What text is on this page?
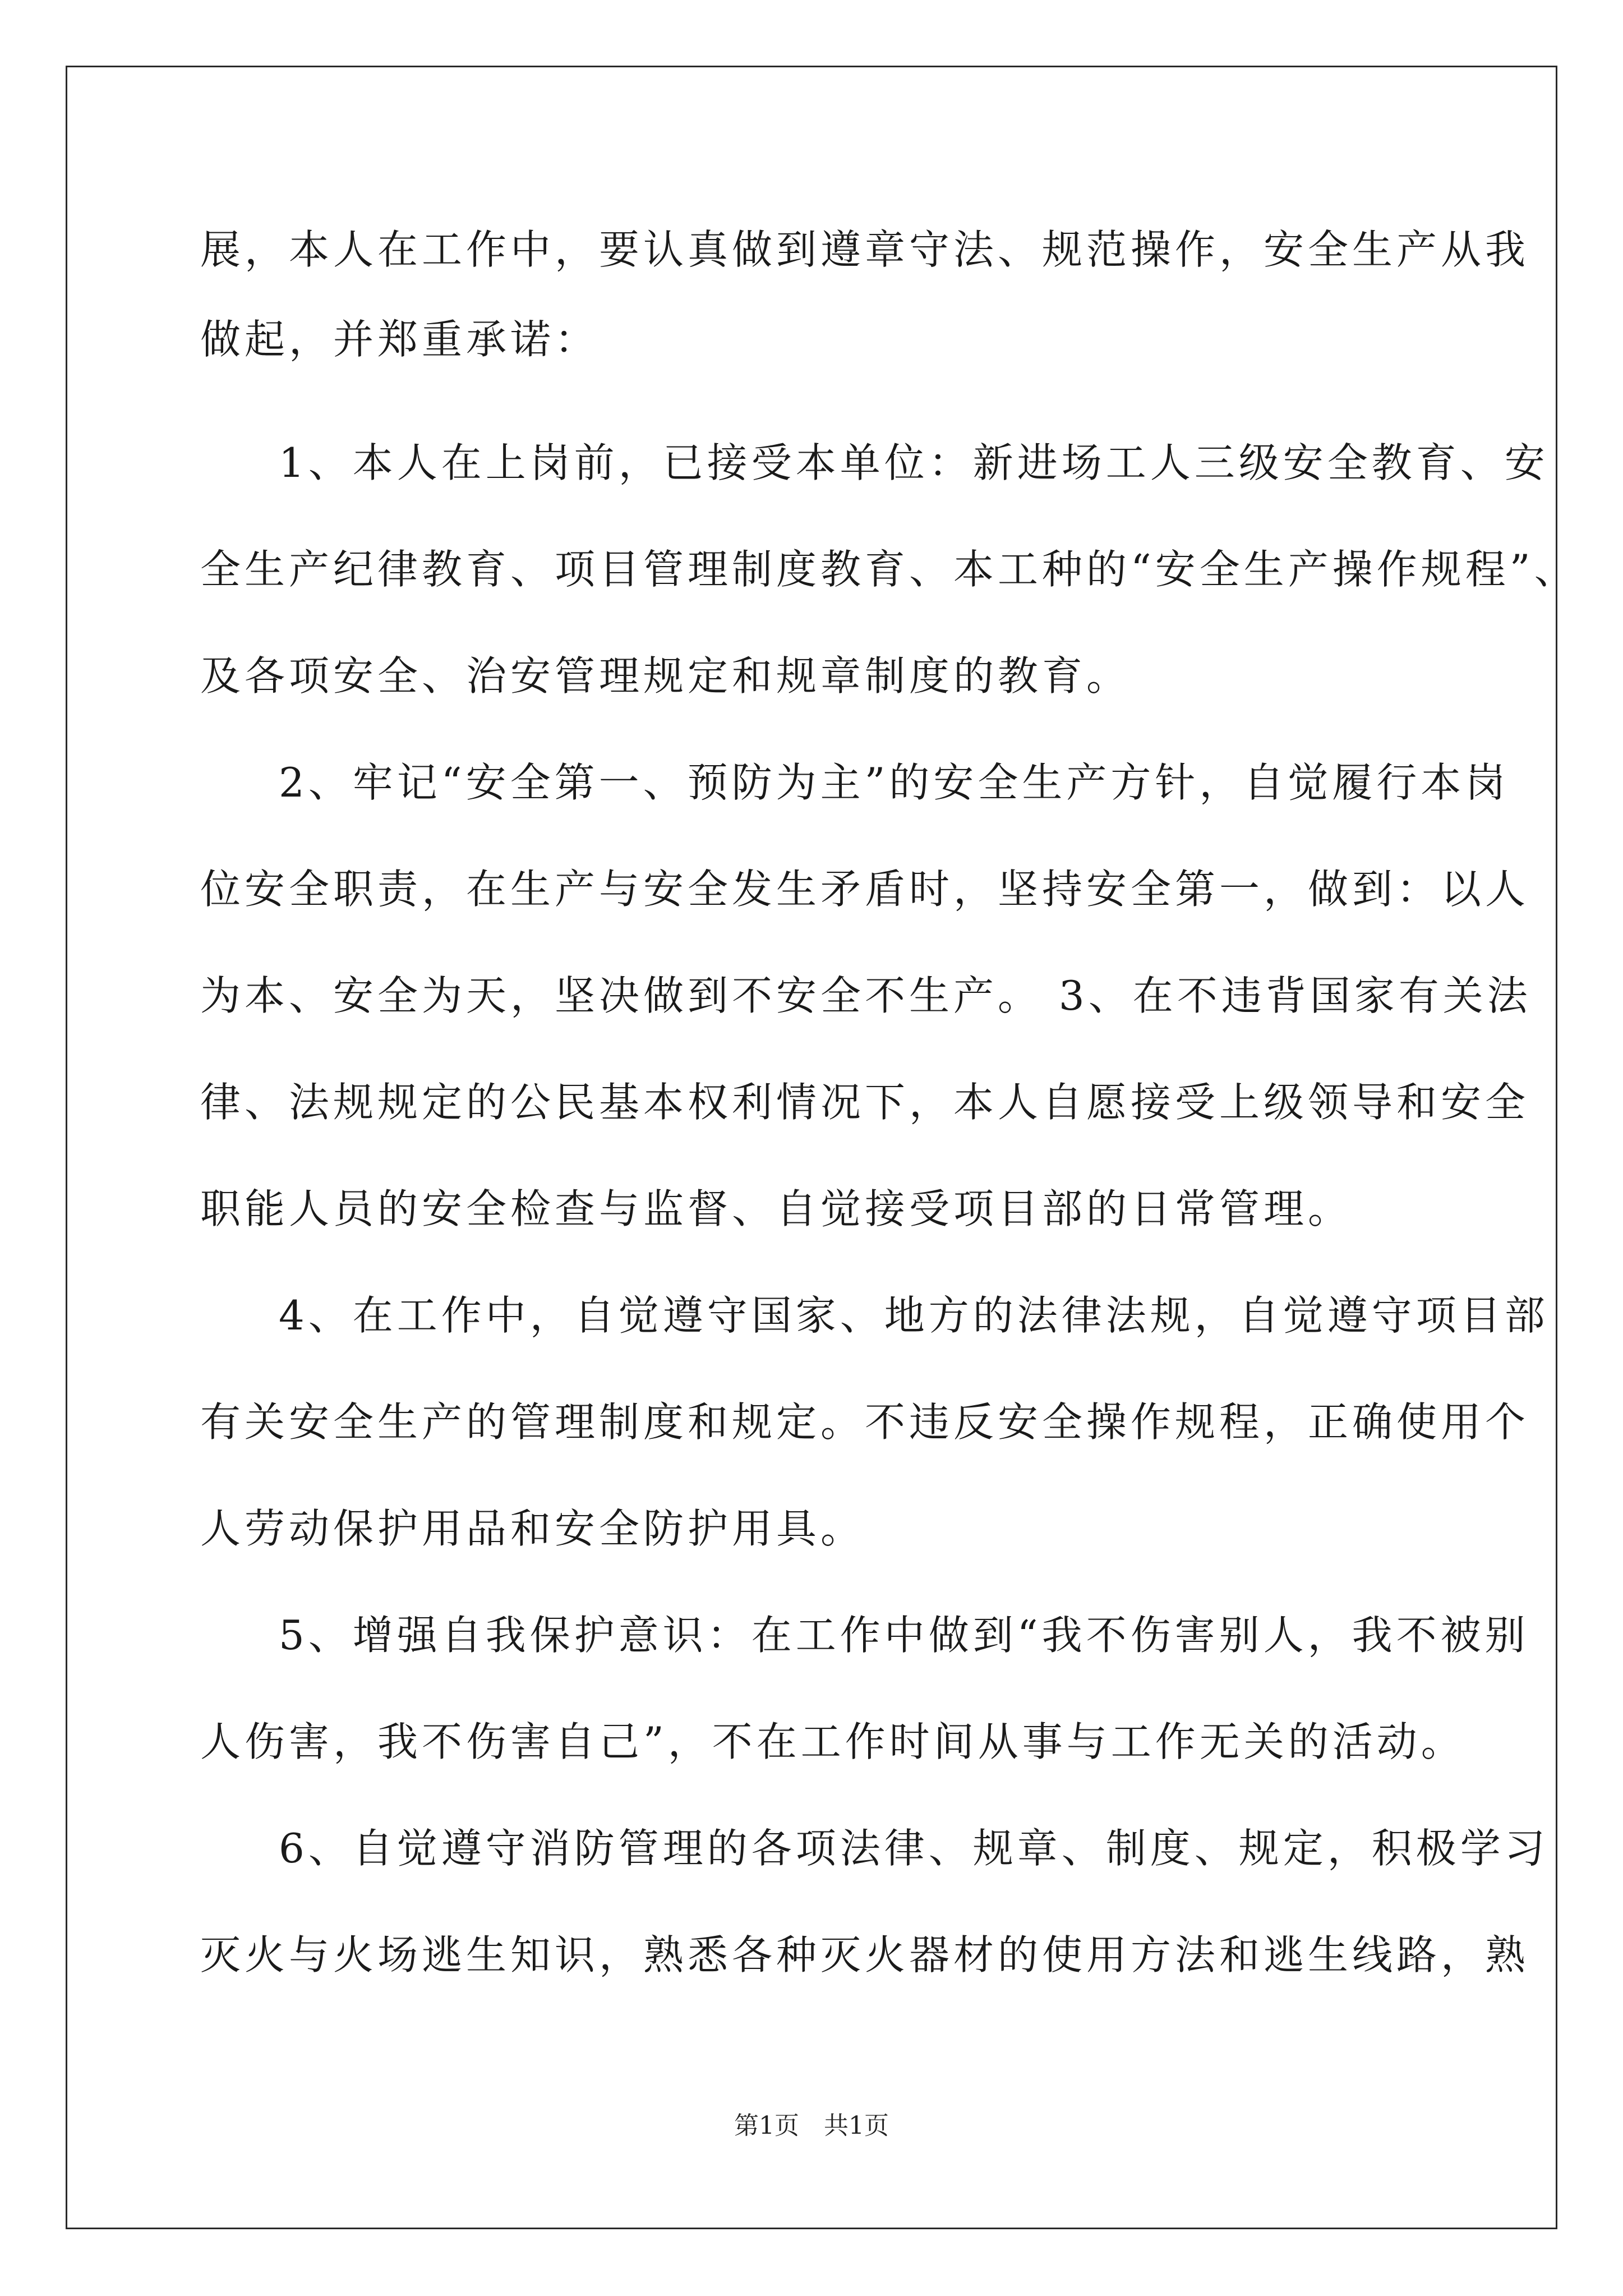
展，本人在工作中，要认真做到遵章守法、规范操作，安全生产从我
做起，并郑重承诺：
1、本人在上岗前，已接受本单位：新进场工人三级安全教育、安
全生产纪律教育、项目管理制度教育、本工种的“安全生产操作规程”、
及各项安全、治安管理规定和规章制度的教育。
2、牢记“安全第一、预防为主”的安全生产方针，自觉履行本岗
位安全职责，在生产与安全发生矛盾时，坚持安全第一，做到：以人
为本、安全为天，坚决做到不安全不生产。 3、在不违背国家有关法
律、法规规定的公民基本权利情况下，本人自愿接受上级领导和安全
职能人员的安全检查与监督、自觉接受项目部的日常管理。
4、在工作中，自觉遵守国家、地方的法律法规，自觉遵守项目部
有关安全生产的管理制度和规定。不违反安全操作规程，正确使用个
人劳动保护用品和安全防护用具。
5、增强自我保护意识：在工作中做到“我不伤害别人，我不被别
人伤害，我不伤害自己”，不在工作时间从事与工作无关的活动。
6、自觉遵守消防管理的各项法律、规章、制度、规定，积极学习
灭火与火场逃生知识，熟悉各种灭火器材的使用方法和逃生线路，熟
第1页　共1页
